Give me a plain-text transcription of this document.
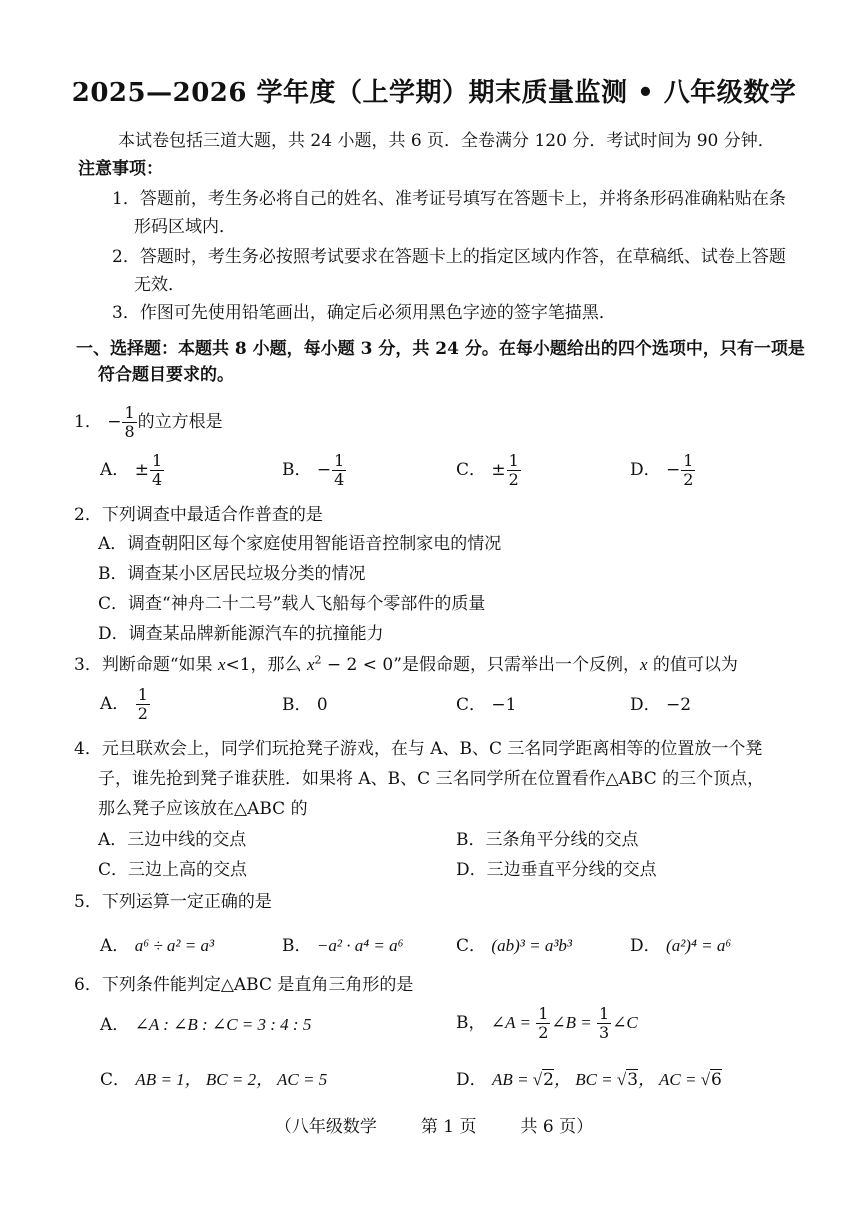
2025—2026 学年度（上学期）期末质量监测 • 八年级数学
本试卷包括三道大题，共 24 小题，共 6 页．全卷满分 120 分．考试时间为 90 分钟．
注意事项：
1．答题前，考生务必将自己的姓名、准考证号填写在答题卡上，并将条形码准确粘贴在条
形码区域内．
2．答题时，考生务必按照考试要求在答题卡上的指定区域内作答，在草稿纸、试卷上答题
无效．
3．作图可先使用铅笔画出，确定后必须用黑色字迹的签字笔描黑．
一、选择题：本题共 8 小题，每小题 3 分，共 24 分。在每小题给出的四个选项中，只有一项是
符合题目要求的。
1． − $\frac{1}{8}$ 的立方根是
A． ± $\frac{1}{4}$	B． − $\frac{1}{4}$	C． ± $\frac{1}{2}$	D． − $\frac{1}{2}$
2．下列调查中最适合作普查的是
A．调查朝阳区每个家庭使用智能语音控制家电的情况
B．调查某小区居民垃圾分类的情况
C．调查“神舟二十二号”载人飞船每个零部件的质量
D．调查某品牌新能源汽车的抗撞能力
3．判断命题“如果 x<1，那么 $x^2 - 2 < 0$”是假命题，只需举出一个反例，x 的值可以为
A． $\frac{1}{2}$	B． 0	C． −1	D． −2
4．元旦联欢会上，同学们玩抢凳子游戏，在与 A、B、C 三名同学距离相等的位置放一个凳
子，谁先抢到凳子谁获胜．如果将 A、B、C 三名同学所在位置看作△ABC 的三个顶点，
那么凳子应该放在△ABC 的
A．三边中线的交点	B．三条角平分线的交点
C．三边上高的交点	D．三边垂直平分线的交点
5．下列运算一定正确的是
A． a⁶ ÷ a² = a³	B． −a² · a⁴ = a⁶	C． (ab)³ = a³b³	D． (a²)⁴ = a⁶
6．下列条件能判定△ABC 是直角三角形的是
A． ∠A : ∠B : ∠C = 3 : 4 : 5	B， ∠A = $\frac{1}{2}$ ∠B = $\frac{1}{3}$ ∠C
C． AB = 1， BC = 2， AC = 5	D． AB = √2， BC = √3， AC = √6
（八年级数学	第 1 页	共 6 页）
